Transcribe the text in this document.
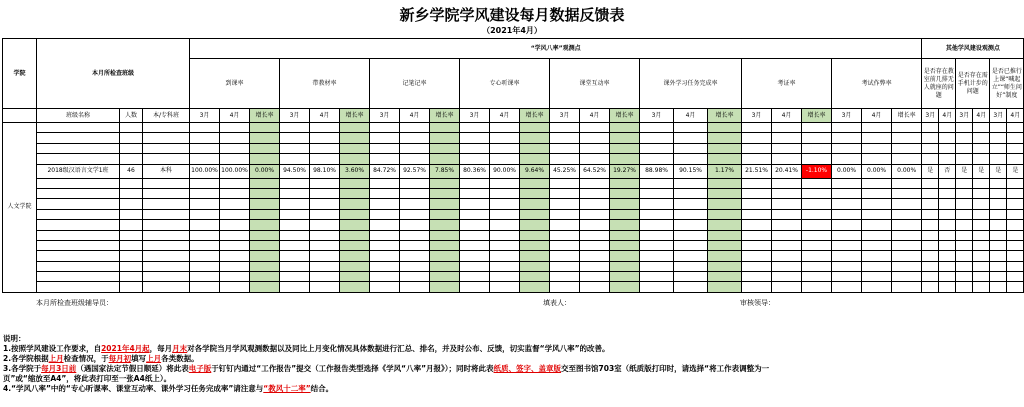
新乡学院学风建设每月数据反馈表
（2021年4月）
学院	本月所检查班级			“学风八率”观测点																								其他学风建设观测点					
				到课率			带教材率			记笔记率			专心听课率			课堂互动率			课外学习任务完成率			考证率			考试作弊率			是否存在教室前几排无人就座的问题		是否存在需手机计步的问题		是否已推行上课“喊起立”“师生问好”制度	

	班级名称	人数	本/专科班	3月	4月	增长率	3月	4月	增长率	3月	4月	增长率	3月	4月	增长率	3月	4月	增长率	3月	4月	增长率	3月	4月	增长率	3月	4月	增长率	3月	4月	3月	4月	3月	4月
人文学院																																	

	2018级汉语言文学1班	46	本科	100.00%	100.00%	0.00%	94.50%	98.10%	3.60%	84.72%	92.57%	7.85%	80.36%	90.00%	9.64%	45.25%	64.52%	19.27%	88.98%	90.15%	1.17%	21.51%	20.41%	-1.10%	0.00%	0.00%	0.00%	是	否	是	是	是	是

本月所检查班级辅导员：	填表人：	审核领导：
说明：
1.按照学风建设工作要求，自2021年4月起，每月月末对各学院当月学风观测数据以及同比上月变化情况具体数据进行汇总、排名，并及时公布、反馈，切实监督“学风八率”的改善。
2.各学院根据上月检查情况，于每月初填写上月各类数据。
3.各学院于每月3日前（遇国家法定节假日顺延）将此表电子版于钉钉内通过“工作报告”提交（工作报告类型选择《学风“八率”月报》）；同时将此表纸质、签字、盖章版交至图书馆703室（纸质版打印时，请选择“将工作表调整为一
页”或“缩放至A4”，将此表打印至一张A4纸上）。
4.“学风八率”中的“专心听课率、课堂互动率、课外学习任务完成率”请注意与“教风十二率”结合。
